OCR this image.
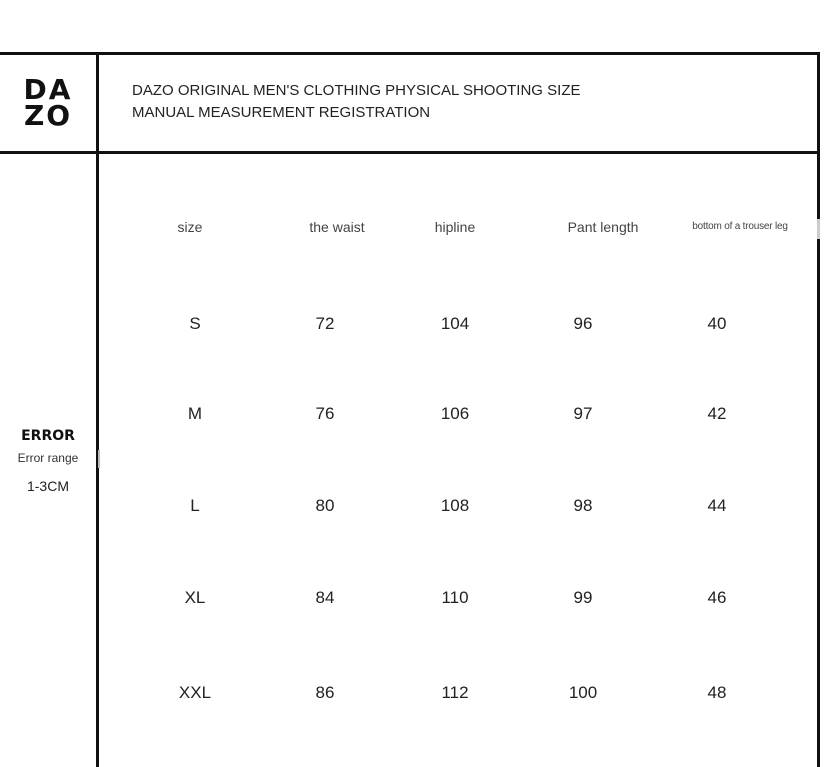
DA
ZO
DAZO ORIGINAL MEN'S CLOTHING PHYSICAL SHOOTING SIZE
MANUAL MEASUREMENT REGISTRATION
ERROR
Error range
1-3CM
size	the waist	hipline	Pant length	bottom of a trouser leg
S	72	104	96	40
M	76	106	97	42
L	80	108	98	44
XL	84	110	99	46
XXL	86	112	100	48
